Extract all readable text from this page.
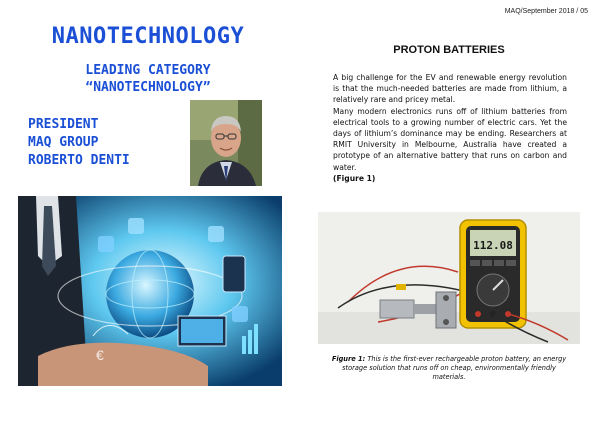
MAQ/September 2018 / 05
NANOTECHNOLOGY
LEADING CATEGORY
“NANOTECHNOLOGY”
PRESIDENT
MAQ GROUP
ROBERTO DENTI
€
PROTON BATTERIES

A big challenge for the EV and renewable energy revolution is that the much-needed batteries are made from lithium, a relatively rare and pricey metal.

Many modern electronics runs off of lithium batteries from electrical tools to a growing number of electric cars. Yet the days of lithium’s dominance may be ending. Researchers at RMIT University in Melbourne, Australia have created a prototype of an alternative battery that runs on carbon and water.

(Figure 1)

112.08
Figure 1: This is the first-ever rechargeable proton battery, an energy storage solution that runs off on cheap, environmentally friendly materials.
